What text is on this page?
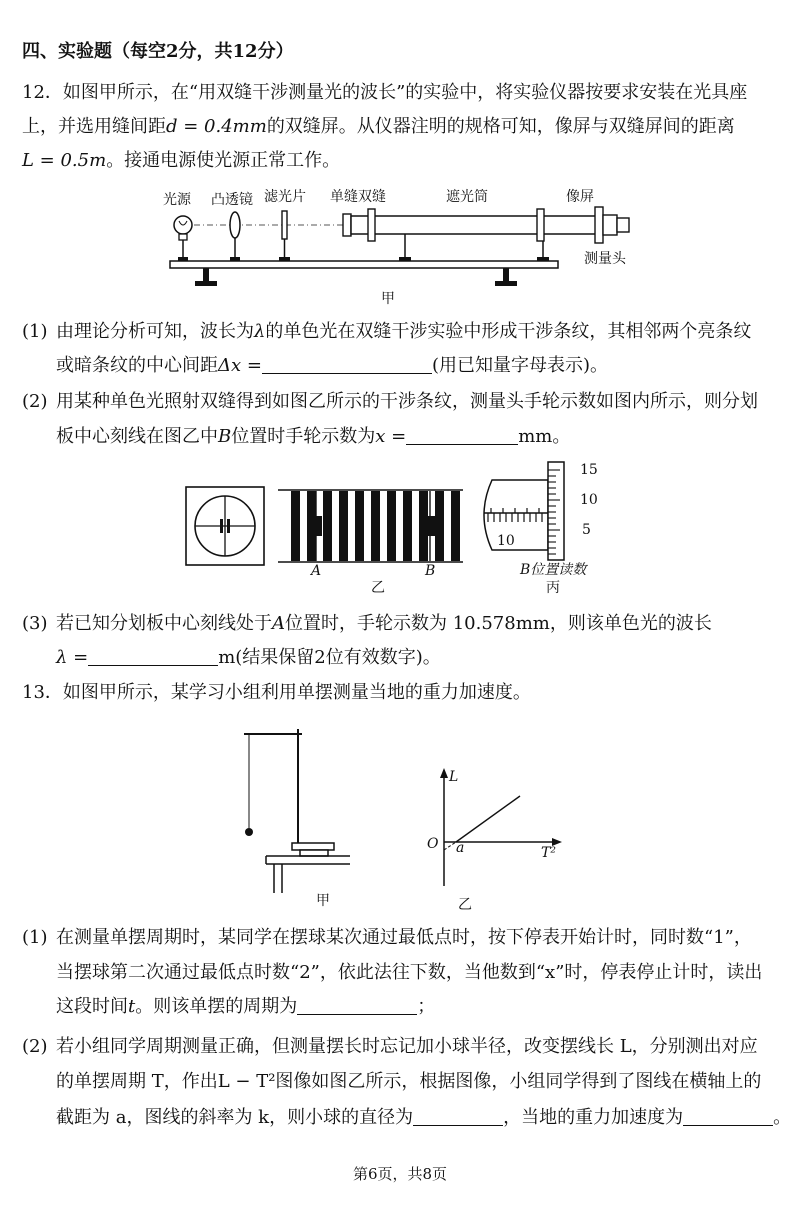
四、实验题（每空2分，共12分）
12．如图甲所示，在“用双缝干涉测量光的波长”的实验中，将实验仪器按要求安装在光具座
上，并选用缝间距d = 0.4mm的双缝屏。从仪器注明的规格可知，像屏与双缝屏间的距离
L = 0.5m。接通电源使光源正常工作。
光源 凸透镜 滤光片 单缝双缝	遮光筒	像屏
测量头
甲
(1) 由理论分析可知，波长为λ的单色光在双缝干涉实验中形成干涉条纹，其相邻两个亮条纹
或暗条纹的中心间距Δx =	(用已知量字母表示)。
(2) 用某种单色光照射双缝得到如图乙所示的干涉条纹，测量头手轮示数如图内所示，则分划
板中心刻线在图乙中B位置时手轮示数为x =	mm。
A	B
乙
15
10
5
10
B位置读数
丙
(3) 若已知分划板中心刻线处于A位置时，手轮示数为 10.578mm，则该单色光的波长
λ =	m(结果保留2位有效数字)。
13．如图甲所示，某学习小组利用单摆测量当地的重力加速度。
甲
L
O a	T²
乙
(1) 在测量单摆周期时，某同学在摆球某次通过最低点时，按下停表开始计时，同时数“1”，
当摆球第二次通过最低点时数“2”，依此法往下数，当他数到“x”时，停表停止计时，读出
这段时间t。则该单摆的周期为	；
(2) 若小组同学周期测量正确，但测量摆长时忘记加小球半径，改变摆线长 L，分别测出对应
的单摆周期 T，作出L − T²图像如图乙所示，根据图像，小组同学得到了图线在横轴上的
截距为 a，图线的斜率为 k，则小球的直径为	，当地的重力加速度为	。
第6页，共8页
